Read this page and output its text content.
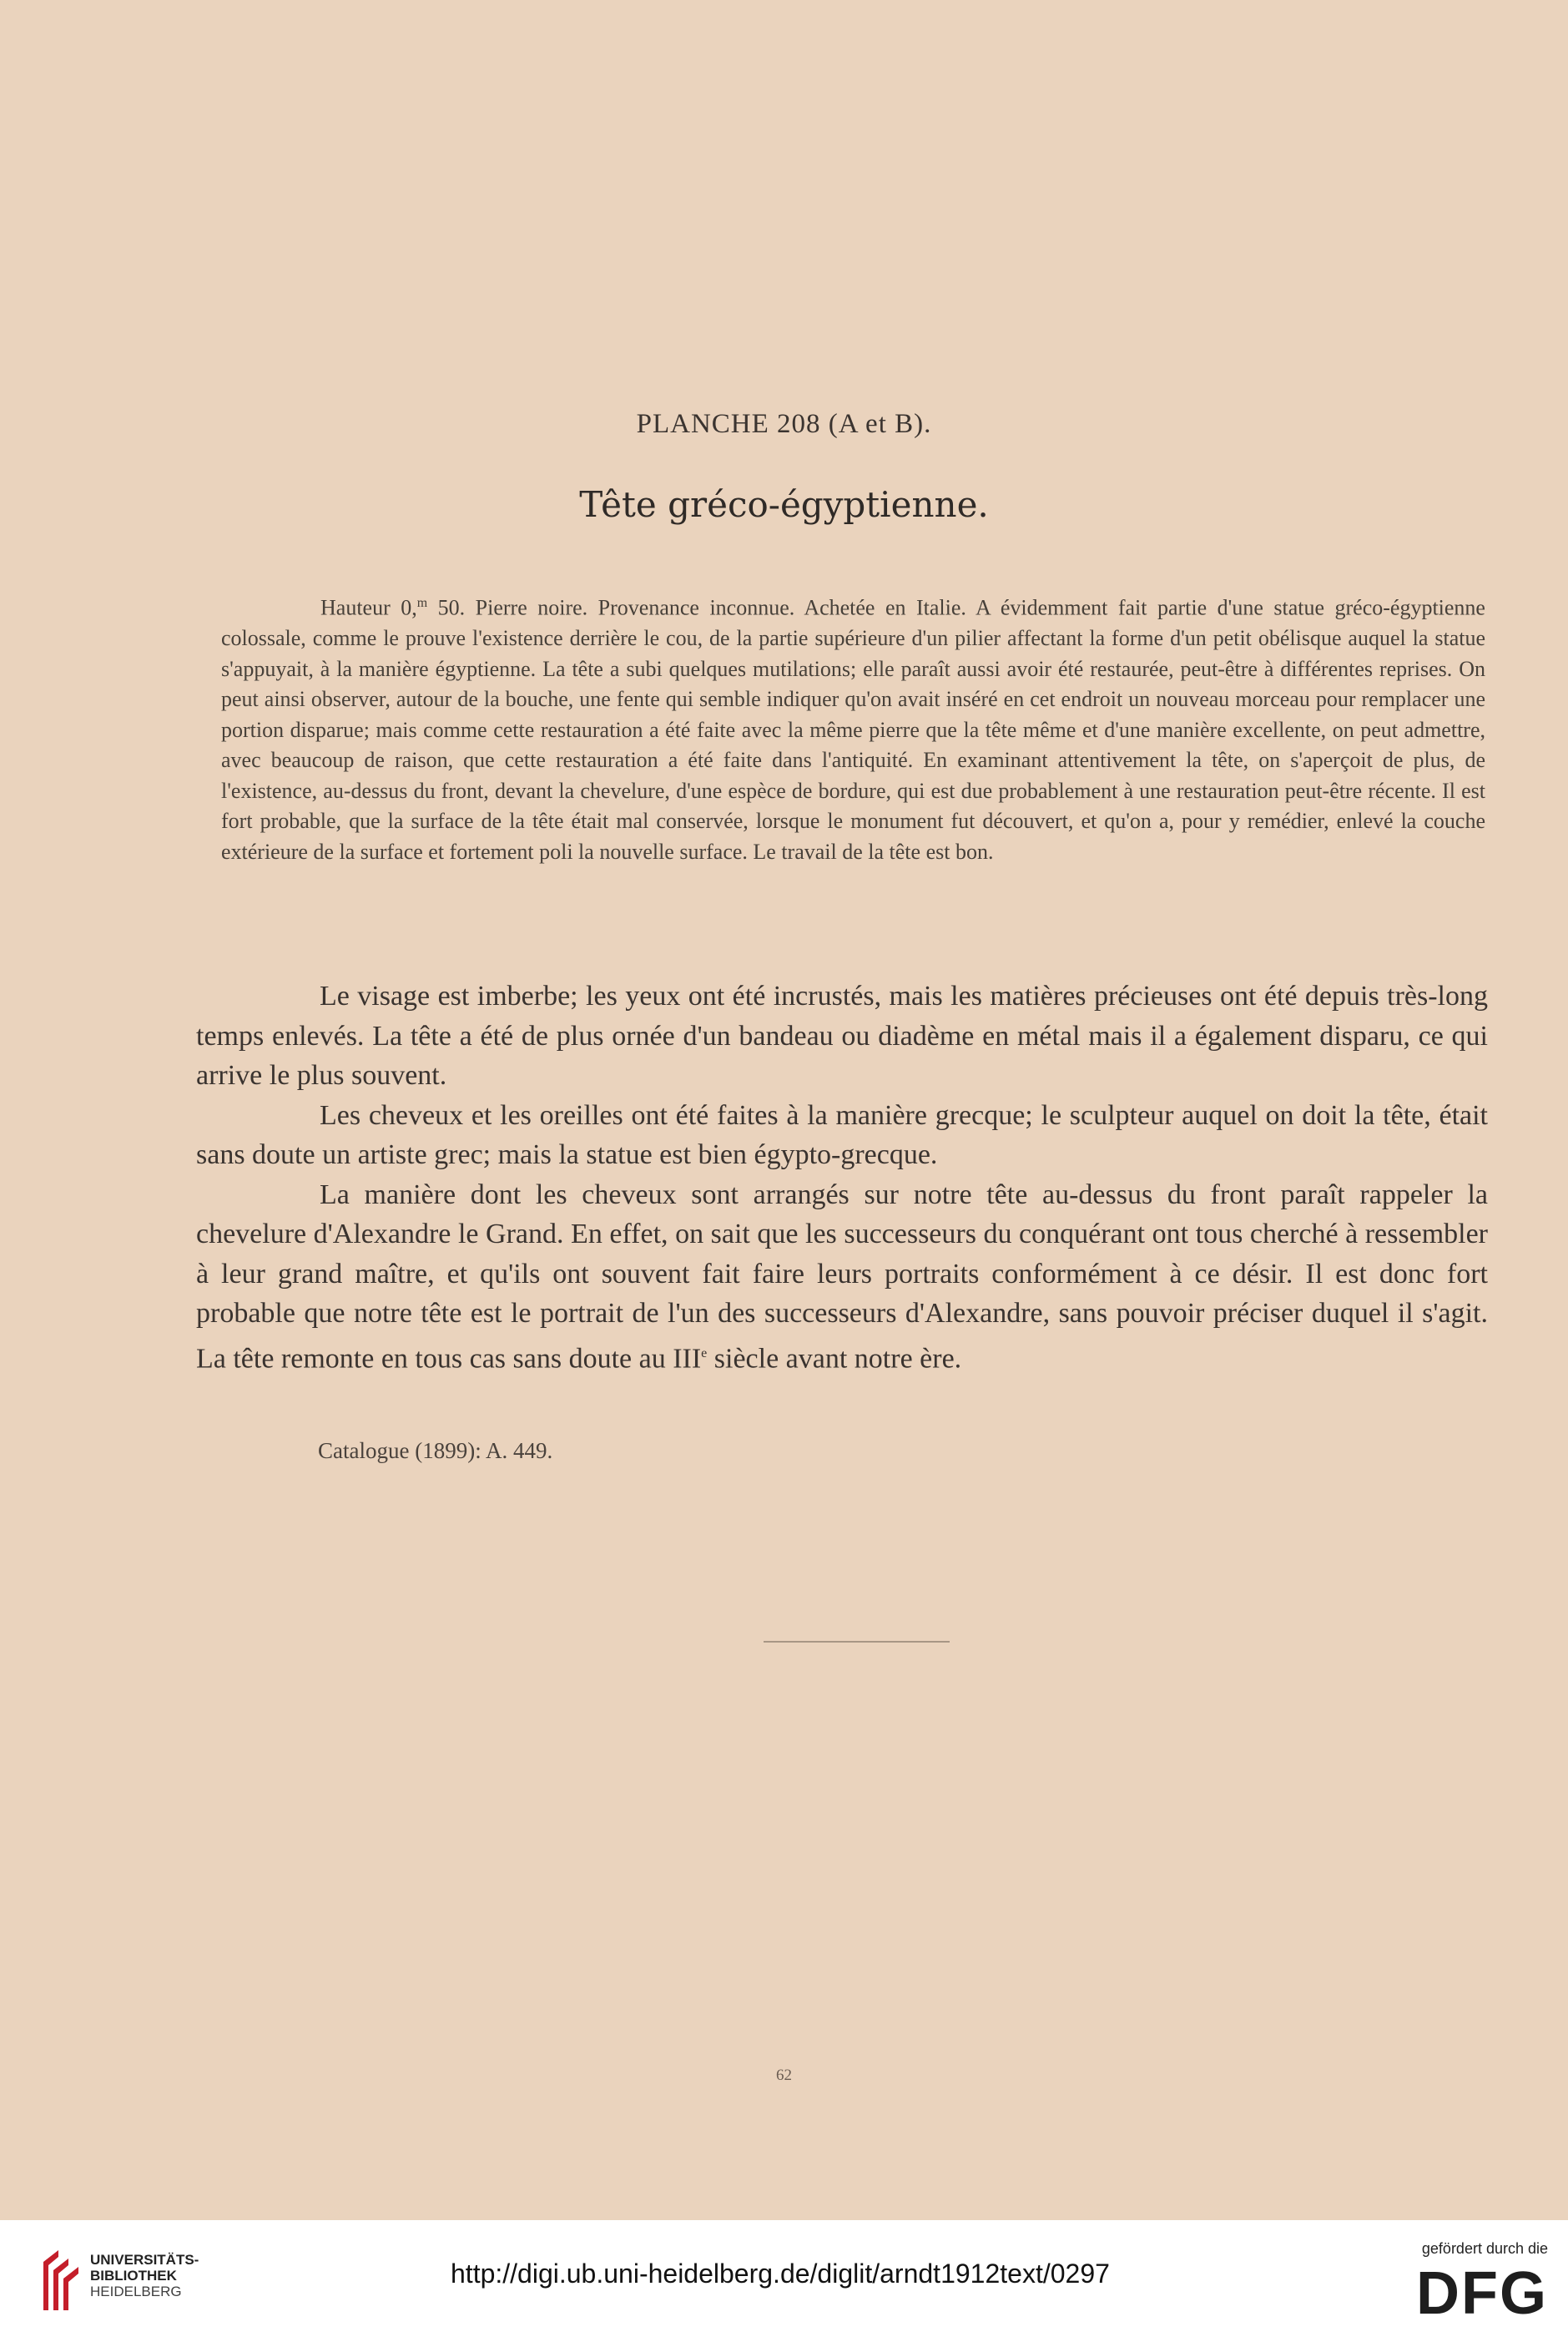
PLANCHE 208 (A et B).
Tête gréco-égyptienne.

Hauteur 0,$^m$ 50. Pierre noire. Provenance inconnue. Achetée en Italie. A évidemment fait partie d'une statue gréco-égyptienne colossale, comme le prouve l'existence derrière le cou, de la partie supérieure d'un pilier affectant la forme d'un petit obélisque auquel la statue s'appuyait, à la manière égyptienne. La tête a subi quelques mutilations; elle paraît aussi avoir été restaurée, peut-être à différentes reprises. On peut ainsi observer, autour de la bouche, une fente qui semble indiquer qu'on avait inséré en cet endroit un nouveau morceau pour remplacer une portion disparue; mais comme cette restauration a été faite avec la même pierre que la tête même et d'une manière excellente, on peut admettre, avec beaucoup de raison, que cette restauration a été faite dans l'antiquité. En examinant attentivement la tête, on s'aperçoit de plus, de l'existence, au-dessus du front, devant la chevelure, d'une espèce de bordure, qui est due probablement à une restauration peut-être récente. Il est fort probable, que la surface de la tête était mal conservée, lorsque le monument fut découvert, et qu'on a, pour y remédier, enlevé la couche extérieure de la surface et fortement poli la nouvelle surface. Le travail de la tête est bon.

Le visage est imberbe; les yeux ont été incrustés, mais les matières précieuses ont été depuis très-long temps enlevés. La tête a été de plus ornée d'un bandeau ou diadème en métal mais il a également disparu, ce qui arrive le plus souvent.

Les cheveux et les oreilles ont été faites à la manière grecque; le sculpteur auquel on doit la tête, était sans doute un artiste grec; mais la statue est bien égypto-grecque.

La manière dont les cheveux sont arrangés sur notre tête au-dessus du front paraît rappeler la chevelure d'Alexandre le Grand. En effet, on sait que les successeurs du conquérant ont tous cherché à ressembler à leur grand maître, et qu'ils ont souvent fait faire leurs portraits conformément à ce désir. Il est donc fort probable que notre tête est le portrait de l'un des successeurs d'Alexandre, sans pouvoir préciser duquel il s'agit. La tête remonte en tous cas sans doute au IIIe siècle avant notre ère.

Catalogue (1899): A. 449.
62
UNIVERSITÄTS-
BIBLIOTHEK
HEIDELBERG
http://digi.ub.uni-heidelberg.de/diglit/arndt1912text/0297
gefördert durch die
DFG
